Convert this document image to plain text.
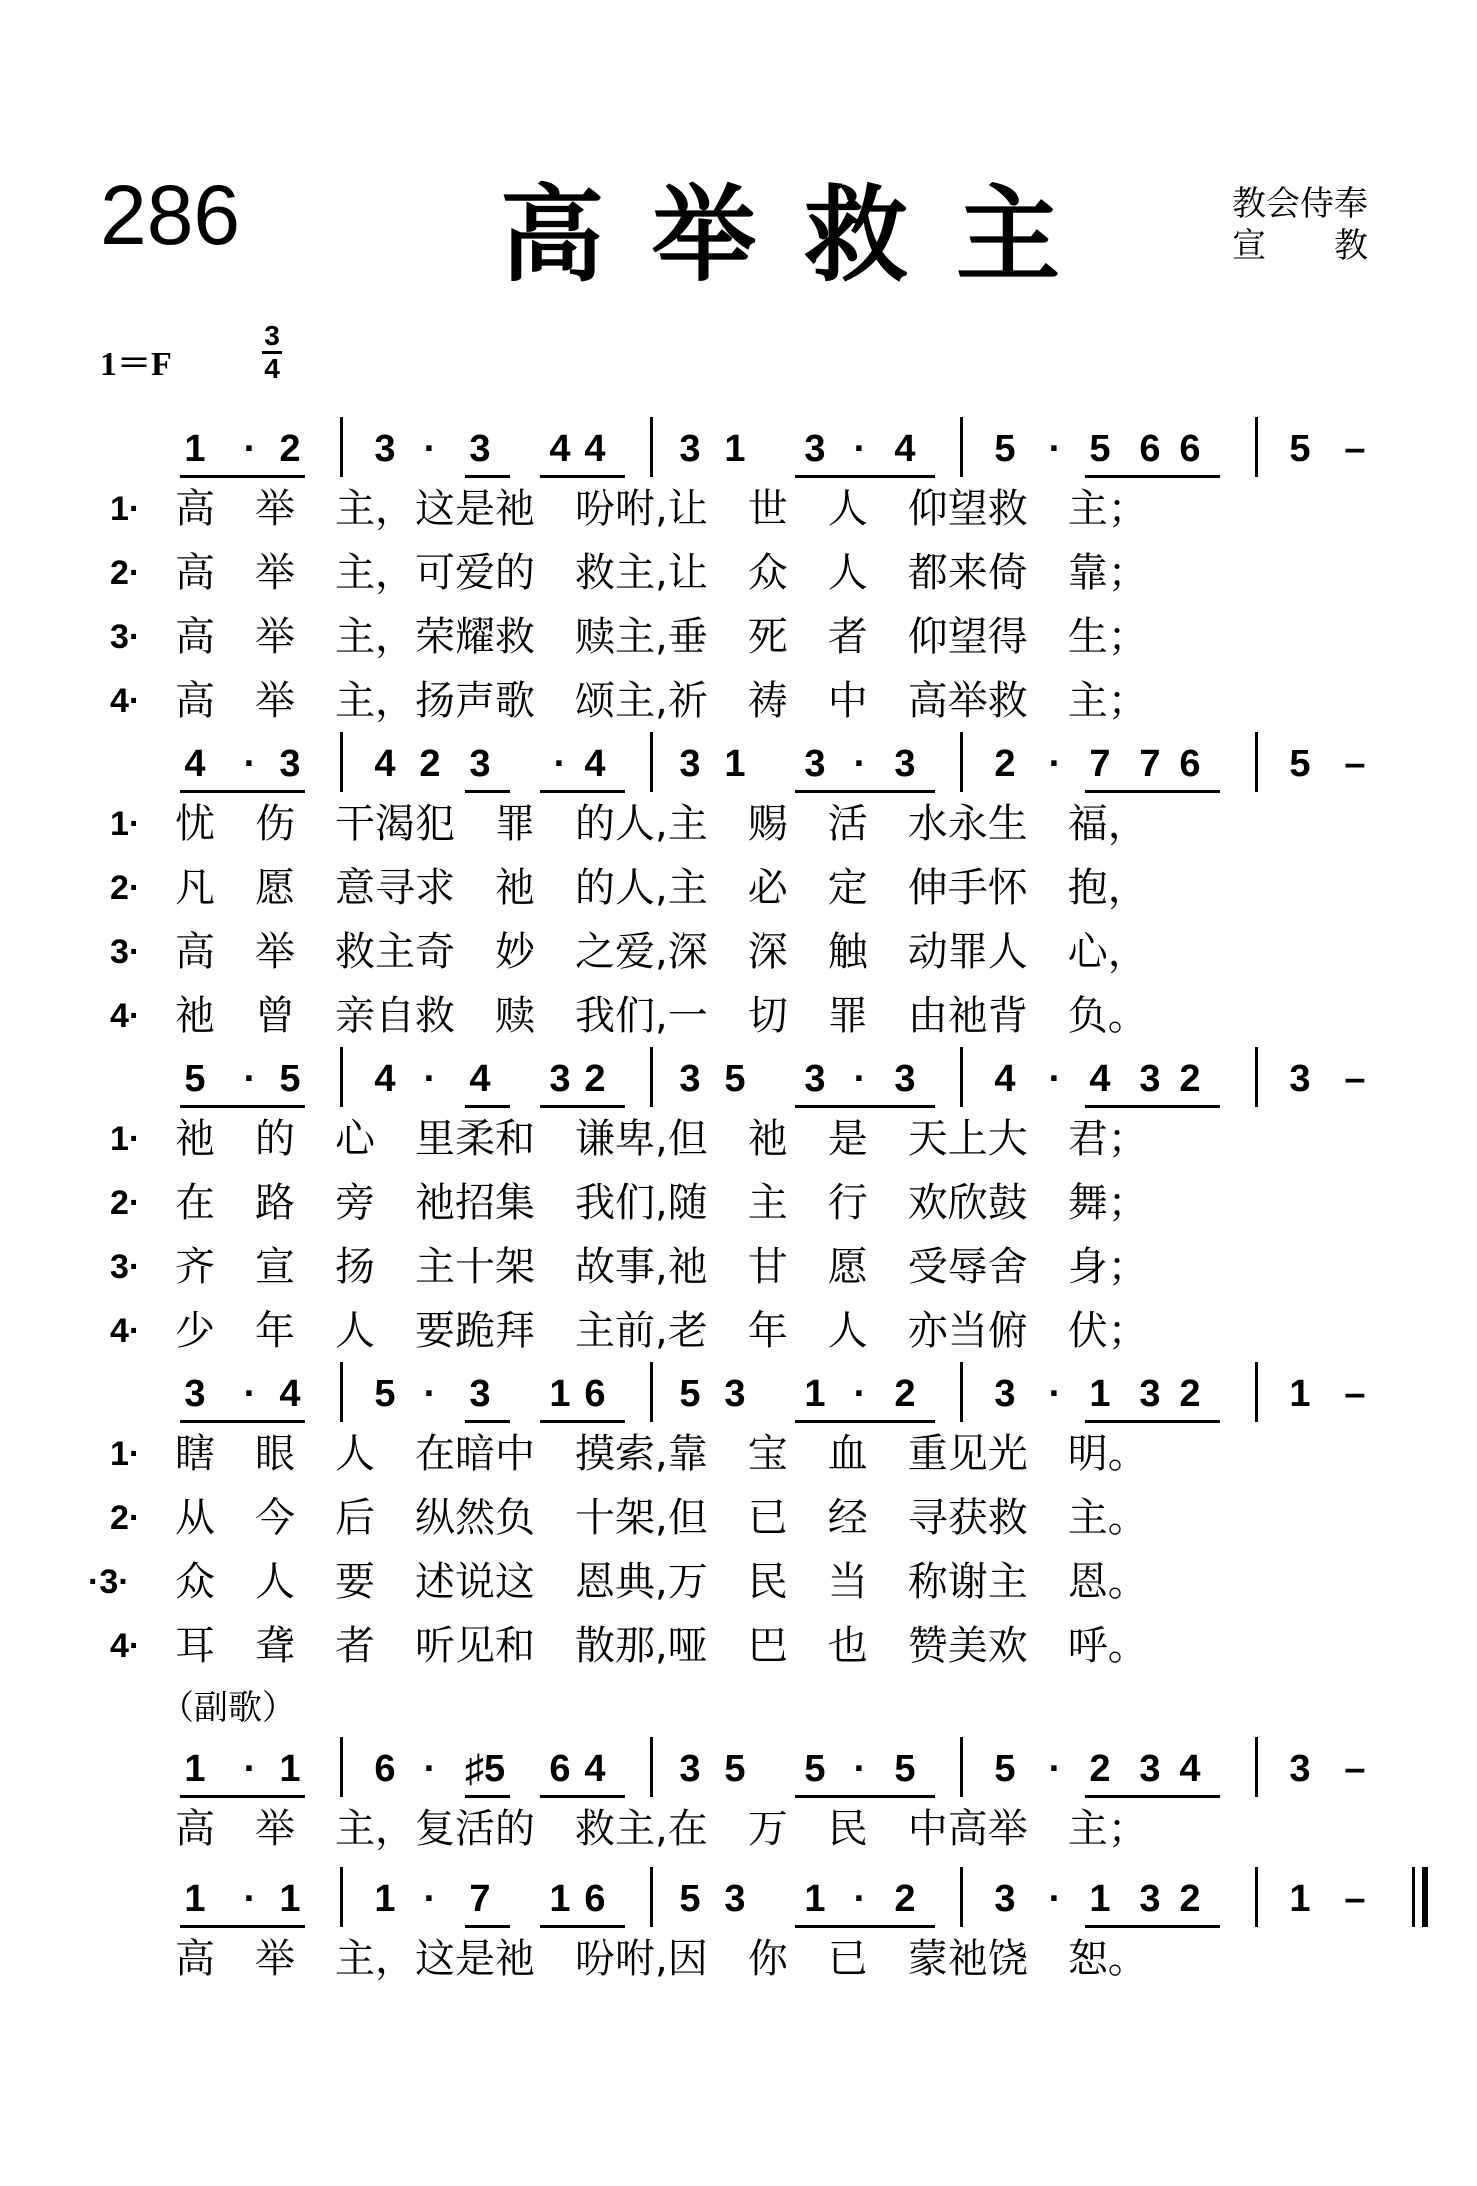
286 高举救主	教会侍奉
宣　　教
1＝F
3
4
1 · 2 3 · 3 4 4 3 1 3 · 4 5 · 5 6 6 5 –
1· 高　举　主，这是祂　吩咐,让　世　人　仰望救　主；
2· 高　举　主，可爱的　救主,让　众　人　都来倚　靠；
3· 高　举　主，荣耀救　赎主,垂　死　者　仰望得　生；
4· 高　举　主，扬声歌　颂主,祈　祷　中　高举救　主；
4 · 3 4 2 3 · 4 3 1 3 · 3 2 · 7 7 6 5 –
1· 忧　伤　干渴犯　罪　的人,主　赐　活　水永生　福，
2· 凡　愿　意寻求　祂　的人,主　必　定　伸手怀　抱，
3· 高　举　救主奇　妙　之爱,深　深　触　动罪人　心，
4· 祂　曾　亲自救　赎　我们,一　切　罪　由祂背　负。
5 · 5 4 · 4 3 2 3 5 3 · 3 4 · 4 3 2 3 –
1· 祂　的　心　里柔和　谦卑,但　祂　是　天上大　君；
2· 在　路　旁　祂招集　我们,随　主　行　欢欣鼓　舞；
3· 齐　宣　扬　主十架　故事,祂　甘　愿　受辱舍　身；
4· 少　年　人　要跪拜　主前,老　年　人　亦当俯　伏；
3 · 4 5 · 3 1 6 5 3 1 · 2 3 · 1 3 2 1 –
1· 瞎　眼　人　在暗中　摸索,靠　宝　血　重见光　明。
2· 从　今　后　纵然负　十架,但　已　经　寻获救　主。
·3· 众　人　要　述说这　恩典,万　民　当　称谢主　恩。
4· 耳　聋　者　听见和　散那,哑　巴　也　赞美欢　呼。
1 · 1 6 · ♯5 6 4 3 5 5 · 5 5 · 2 3 4 3 –
高　举　主，复活的　救主,在　万　民　中高举　主；
1 · 1 1 · 7 1 6 5 3 1 · 2 3 · 1 3 2 1 –
高　举　主，这是祂　吩咐,因　你　已　蒙祂饶　恕。
（副歌）
